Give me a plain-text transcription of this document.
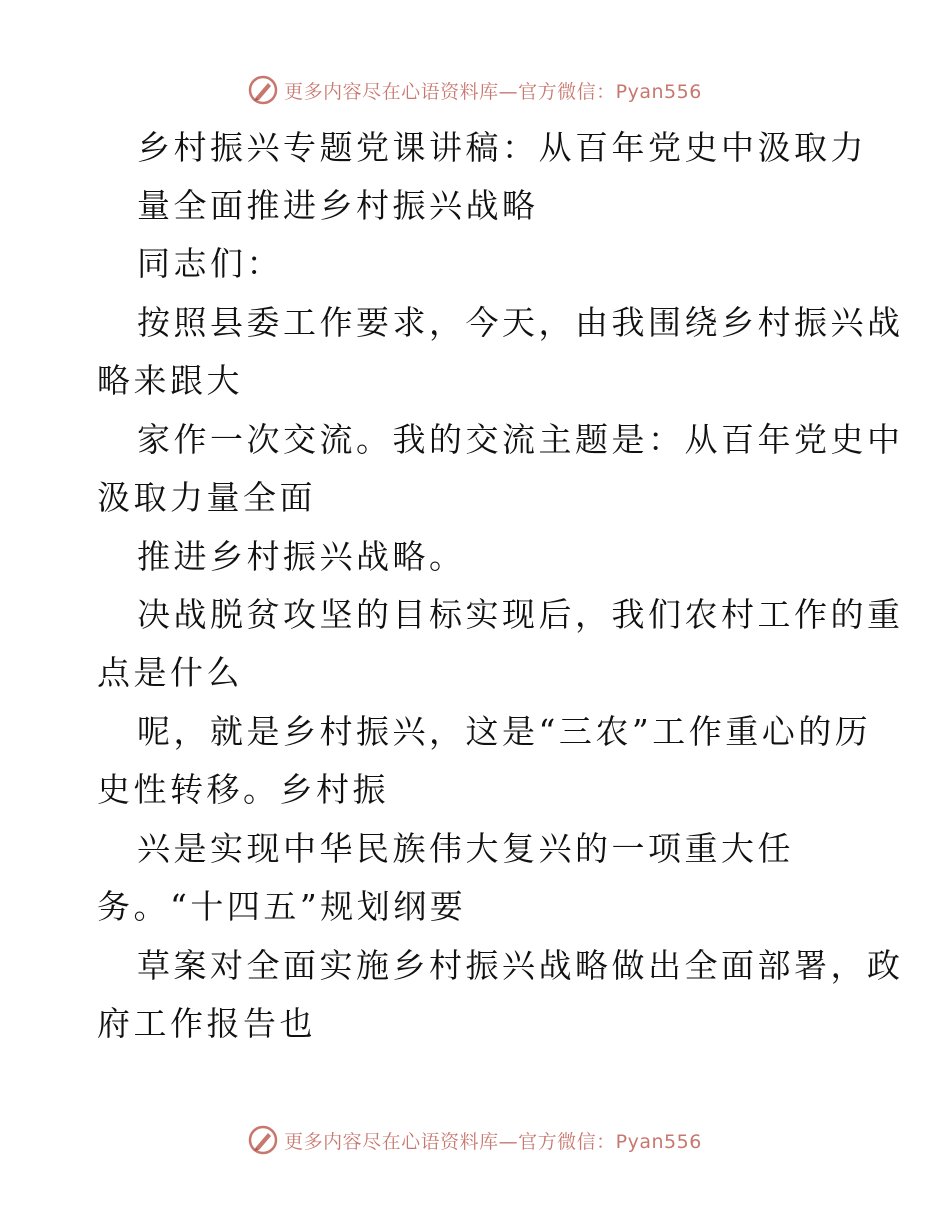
更多内容尽在心语资料库—官方微信：Pyan556
乡村振兴专题党课讲稿：从百年党史中汲取力
量全面推进乡村振兴战略
同志们：
按照县委工作要求，今天，由我围绕乡村振兴战
略来跟大
家作一次交流。我的交流主题是：从百年党史中
汲取力量全面
推进乡村振兴战略。
决战脱贫攻坚的目标实现后，我们农村工作的重
点是什么
呢，就是乡村振兴，这是“三农”工作重心的历
史性转移。乡村振
兴是实现中华民族伟大复兴的一项重大任
务。“十四五”规划纲要
草案对全面实施乡村振兴战略做出全面部署，政
府工作报告也
更多内容尽在心语资料库—官方微信：Pyan556
